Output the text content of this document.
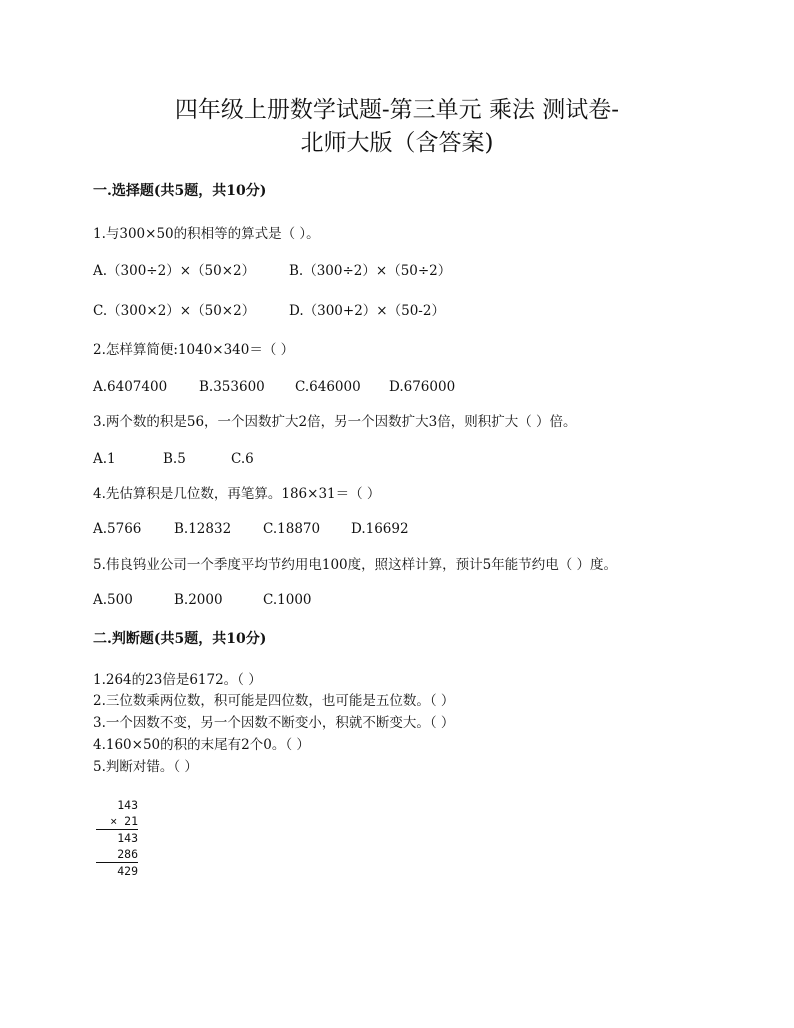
四年级上册数学试题-第三单元 乘法 测试卷-
北师大版（含答案)
一.选择题(共5题，共10分)
1.与300×50的积相等的算式是（ ）。
A.（300÷2）×（50×2）	B.（300÷2）×（50÷2）
C.（300×2）×（50×2）	D.（300+2）×（50-2）
2.怎样算简便:1040×340＝（ ）
A.6407400 B.353600 C.646000 D.676000
3.两个数的积是56，一个因数扩大2倍，另一个因数扩大3倍，则积扩大（ ）倍。
A.1	B.5	C.6
4.先估算积是几位数，再笔算。186×31＝（ ）
A.5766 B.12832 C.18870 D.16692
5.伟良钨业公司一个季度平均节约用电100度，照这样计算，预计5年能节约电（ ）度。
A.500	B.2000	C.1000
二.判断题(共5题，共10分)
1.264的23倍是6172。（ ）
2.三位数乘两位数，积可能是四位数，也可能是五位数。（ ）
3.一个因数不变，另一个因数不断变小，积就不断变大。（ ）
4.160×50的积的末尾有2个0。（ ）
5.判断对错。（ ）
143
× 21
143
286
429
